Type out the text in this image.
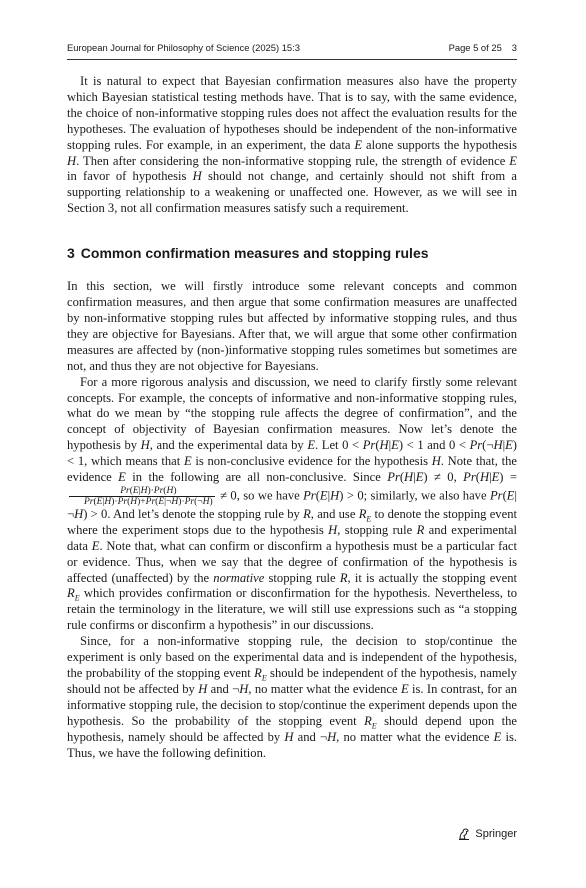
European Journal for Philosophy of Science (2025) 15:3	Page 5 of 25 3

It is natural to expect that Bayesian confirmation measures also have the property which Bayesian statistical testing methods have. That is to say, with the same evidence, the choice of non-informative stopping rules does not affect the evaluation results for the hypotheses. The evaluation of hypotheses should be independent of the non-informative stopping rules. For example, in an experiment, the data E alone supports the hypothesis H. Then after considering the non-informative stopping rule, the strength of evidence E in favor of hypothesis H should not change, and certainly should not shift from a supporting relationship to a weakening or unaffected one. However, as we will see in Section 3, not all confirmation measures satisfy such a requirement.

3 Common confirmation measures and stopping rules

In this section, we will firstly introduce some relevant concepts and common confirmation measures, and then argue that some confirmation measures are unaffected by non-informative stopping rules but affected by informative stopping rules, and thus they are objective for Bayesians. After that, we will argue that some other confirmation measures are affected by (non-)informative stopping rules sometimes but sometimes are not, and thus they are not objective for Bayesians.

For a more rigorous analysis and discussion, we need to clarify firstly some relevant concepts. For example, the concepts of informative and non-informative stopping rules, what do we mean by “the stopping rule affects the degree of confirmation”, and the concept of objectivity of Bayesian confirmation measures. Now let’s denote the hypothesis by H, and the experimental data by E. Let 0 < Pr(H|E) < 1 and 0 < Pr(¬H|E) < 1, which means that E is non-conclusive evidence for the hypothesis H. Note that, the evidence E in the following are all non-conclusive. Since Pr(H|E) ≠ 0, Pr(H|E) =
$\frac{Pr(E|H)\cdot Pr(H)}{Pr(E|H)\cdot Pr(H)+Pr(E|\neg H)\cdot Pr(\neg H)} \ne 0$, so we have Pr(E|H) > 0; similarly, we also have Pr(E|¬H) > 0. And let’s denote the stopping rule by R, and use $R_E$ to denote the stopping event where the experiment stops due to the hypothesis H, stopping rule R and experimental data E. Note that, what can confirm or disconfirm a hypothesis must be a particular fact or evidence. Thus, when we say that the degree of confirmation of the hypothesis is affected (unaffected) by the normative stopping rule R, it is actually the stopping event $R_E$ which provides confirmation or disconfirmation for the hypothesis. Nevertheless, to retain the terminology in the literature, we will still use expressions such as “a stopping rule confirms or disconfirm a hypothesis” in our discussions.

Since, for a non-informative stopping rule, the decision to stop/continue the experiment is only based on the experimental data and is independent of the hypothesis, the probability of the stopping event $R_E$ should be independent of the hypothesis, namely should not be affected by H and ¬H, no matter what the evidence E is. In contrast, for an informative stopping rule, the decision to stop/continue the experiment depends upon the hypothesis. So the probability of the stopping event $R_E$ should depend upon the hypothesis, namely should be affected by H and ¬H, no matter what the evidence E is. Thus, we have the following definition.

Springer
